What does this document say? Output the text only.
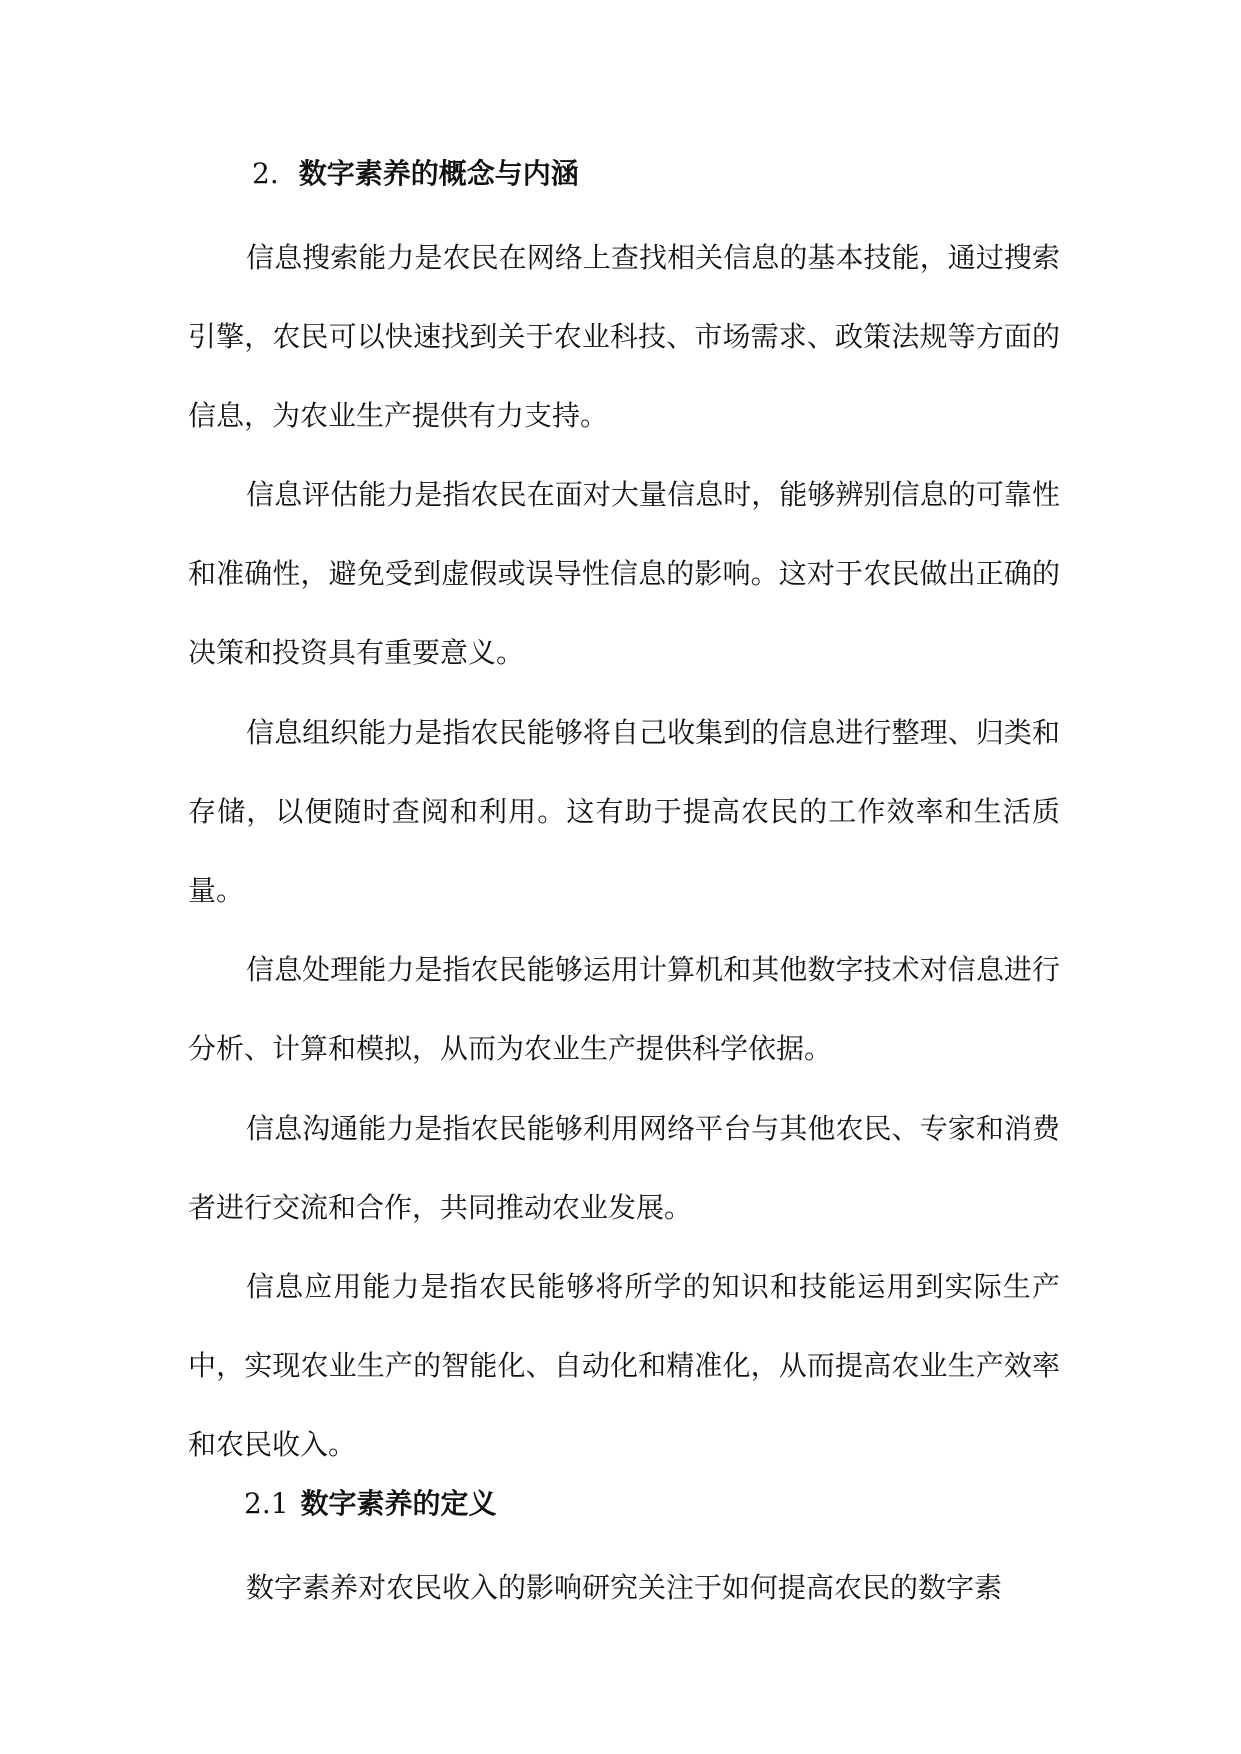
2. 数字素养的概念与内涵

信息搜索能力是农民在网络上查找相关信息的基本技能，通过搜索引擎，农民可以快速找到关于农业科技、市场需求、政策法规等方面的信息，为农业生产提供有力支持。

信息评估能力是指农民在面对大量信息时，能够辨别信息的可靠性和准确性，避免受到虚假或误导性信息的影响。这对于农民做出正确的决策和投资具有重要意义。

信息组织能力是指农民能够将自己收集到的信息进行整理、归类和存储，以便随时查阅和利用。这有助于提高农民的工作效率和生活质量。

信息处理能力是指农民能够运用计算机和其他数字技术对信息进行分析、计算和模拟，从而为农业生产提供科学依据。

信息沟通能力是指农民能够利用网络平台与其他农民、专家和消费者进行交流和合作，共同推动农业发展。

信息应用能力是指农民能够将所学的知识和技能运用到实际生产中，实现农业生产的智能化、自动化和精准化，从而提高农业生产效率和农民收入。

2.1 数字素养的定义

数字素养对农民收入的影响研究关注于如何提高农民的数字素
